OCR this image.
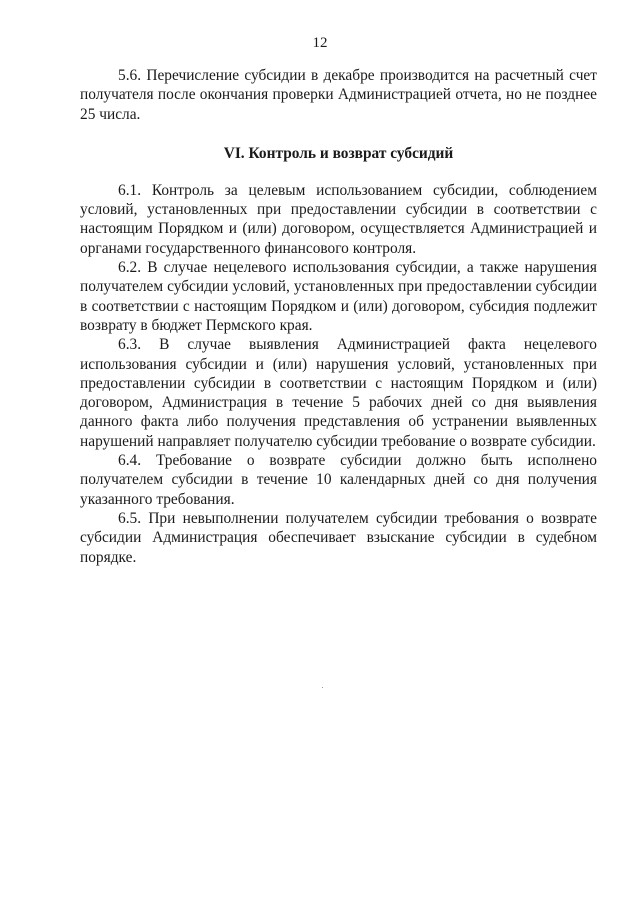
12

5.6. Перечисление субсидии в декабре производится на расчетный счет получателя после окончания проверки Администрацией отчета, но не позднее 25 числа.

VI. Контроль и возврат субсидий

6.1. Контроль за целевым использованием субсидии, соблюдением условий, установленных при предоставлении субсидии в соответствии с настоящим Порядком и (или) договором, осуществляется Администрацией и органами государственного финансового контроля.

6.2. В случае нецелевого использования субсидии, а также нарушения получателем субсидии условий, установленных при предоставлении субсидии в соответствии с настоящим Порядком и (или) договором, субсидия подлежит возврату в бюджет Пермского края.

6.3. В случае выявления Администрацией факта нецелевого использования субсидии и (или) нарушения условий, установленных при предоставлении субсидии в соответствии с настоящим Порядком и (или) договором, Администрация в течение 5 рабочих дней со дня выявления данного факта либо получения представления об устранении выявленных нарушений направляет получателю субсидии требование о возврате субсидии.

6.4. Требование о возврате субсидии должно быть исполнено получателем субсидии в течение 10 календарных дней со дня получения указанного требования.

6.5. При невыполнении получателем субсидии требования о возврате субсидии Администрация обеспечивает взыскание субсидии в судебном порядке.
